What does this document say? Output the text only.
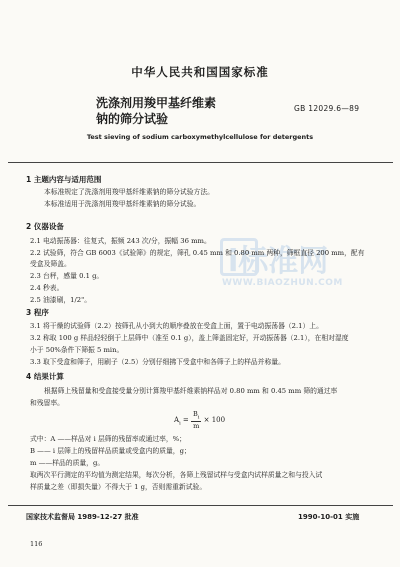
中华人民共和国国家标准
洗涤剂用羧甲基纤维素钠的筛分试验
GB 12029.6—89
Test sieving of sodium carboxymethylcellulose for detergents
i标准网
WWW.BIAOZHUN.COM
1 主题内容与适用范围
本标准规定了洗涤剂用羧甲基纤维素钠的筛分试验方法。
本标准适用于洗涤剂用羧甲基纤维素钠的筛分试验。
2 仪器设备
2.1 电动振荡器：往复式，振频 243 次/分，振幅 36 mm。
2.2 试验筛，符合 GB 6003《试验筛》的规定，筛孔 0.45 mm 和 0.80 mm 两种，筛框直径 200 mm，配有
受盒及筛盖。
2.3 台秤，感量 0.1 g。
2.4 秒表。
2.5 油漆刷，1/2"。
3 程序
3.1 将干燥的试验筛（2.2）按筛孔从小到大的顺序叠放在受盒上面，置于电动振荡器（2.1）上。
3.2 称取 100 g 样品轻轻倒于上层筛中（准至 0.1 g），盖上筛盖固定好，开动振荡器（2.1），在相对湿度
小于 50%条件下筛振 5 min。
3.3 取下受盒和筛子，用刷子（2.5）分别仔细拂下受盒中和各筛子上的样品并称量。
4 结果计算
根据筛上残留量和受盒接受量分别计算羧甲基纤维素钠样品对 0.80 mm 和 0.45 mm 筛的通过率
和残留率。
$A_i = \frac{B_i}{m} \times 100$
式中：A ——样品对 i 层筛的残留率或通过率，%；
B —— i 层筛上的残留样品质量或受盒内的质量，g；
m ——样品的质量，g。
取两次平行测定的平均值为测定结果，每次分析，各筛上残留试样与受盒内试样质量之和与投入试
样质量之差（即损失量）不得大于 1 g，否则需重新试验。
国家技术监督局 1989-12-27 批准	1990-10-01 实施
116
